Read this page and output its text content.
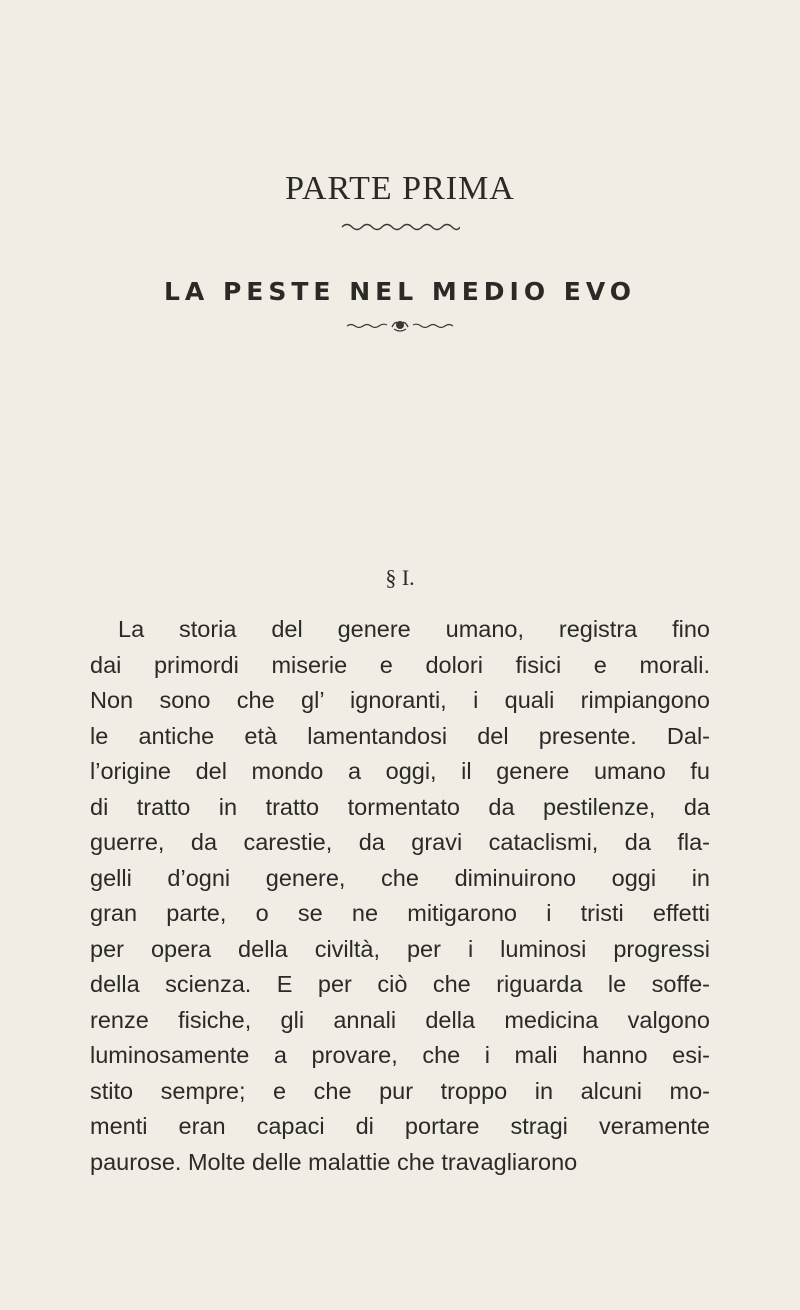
PARTE PRIMA
LA PESTE NEL MEDIO EVO
§ I.
La storia del genere umano, registra fino
dai primordi miserie e dolori fisici e morali.
Non sono che gl’ ignoranti, i quali rimpiangono
le antiche età lamentandosi del presente. Dal-
l’origine del mondo a oggi, il genere umano fu
di tratto in tratto tormentato da pestilenze, da
guerre, da carestie, da gravi cataclismi, da fla-
gelli d’ogni genere, che diminuirono oggi in
gran parte, o se ne mitigarono i tristi effetti
per opera della civiltà, per i luminosi progressi
della scienza. E per ciò che riguarda le soffe-
renze fisiche, gli annali della medicina valgono
luminosamente a provare, che i mali hanno esi-
stito sempre; e che pur troppo in alcuni mo-
menti eran capaci di portare stragi veramente
paurose. Molte delle malattie che travagliarono
